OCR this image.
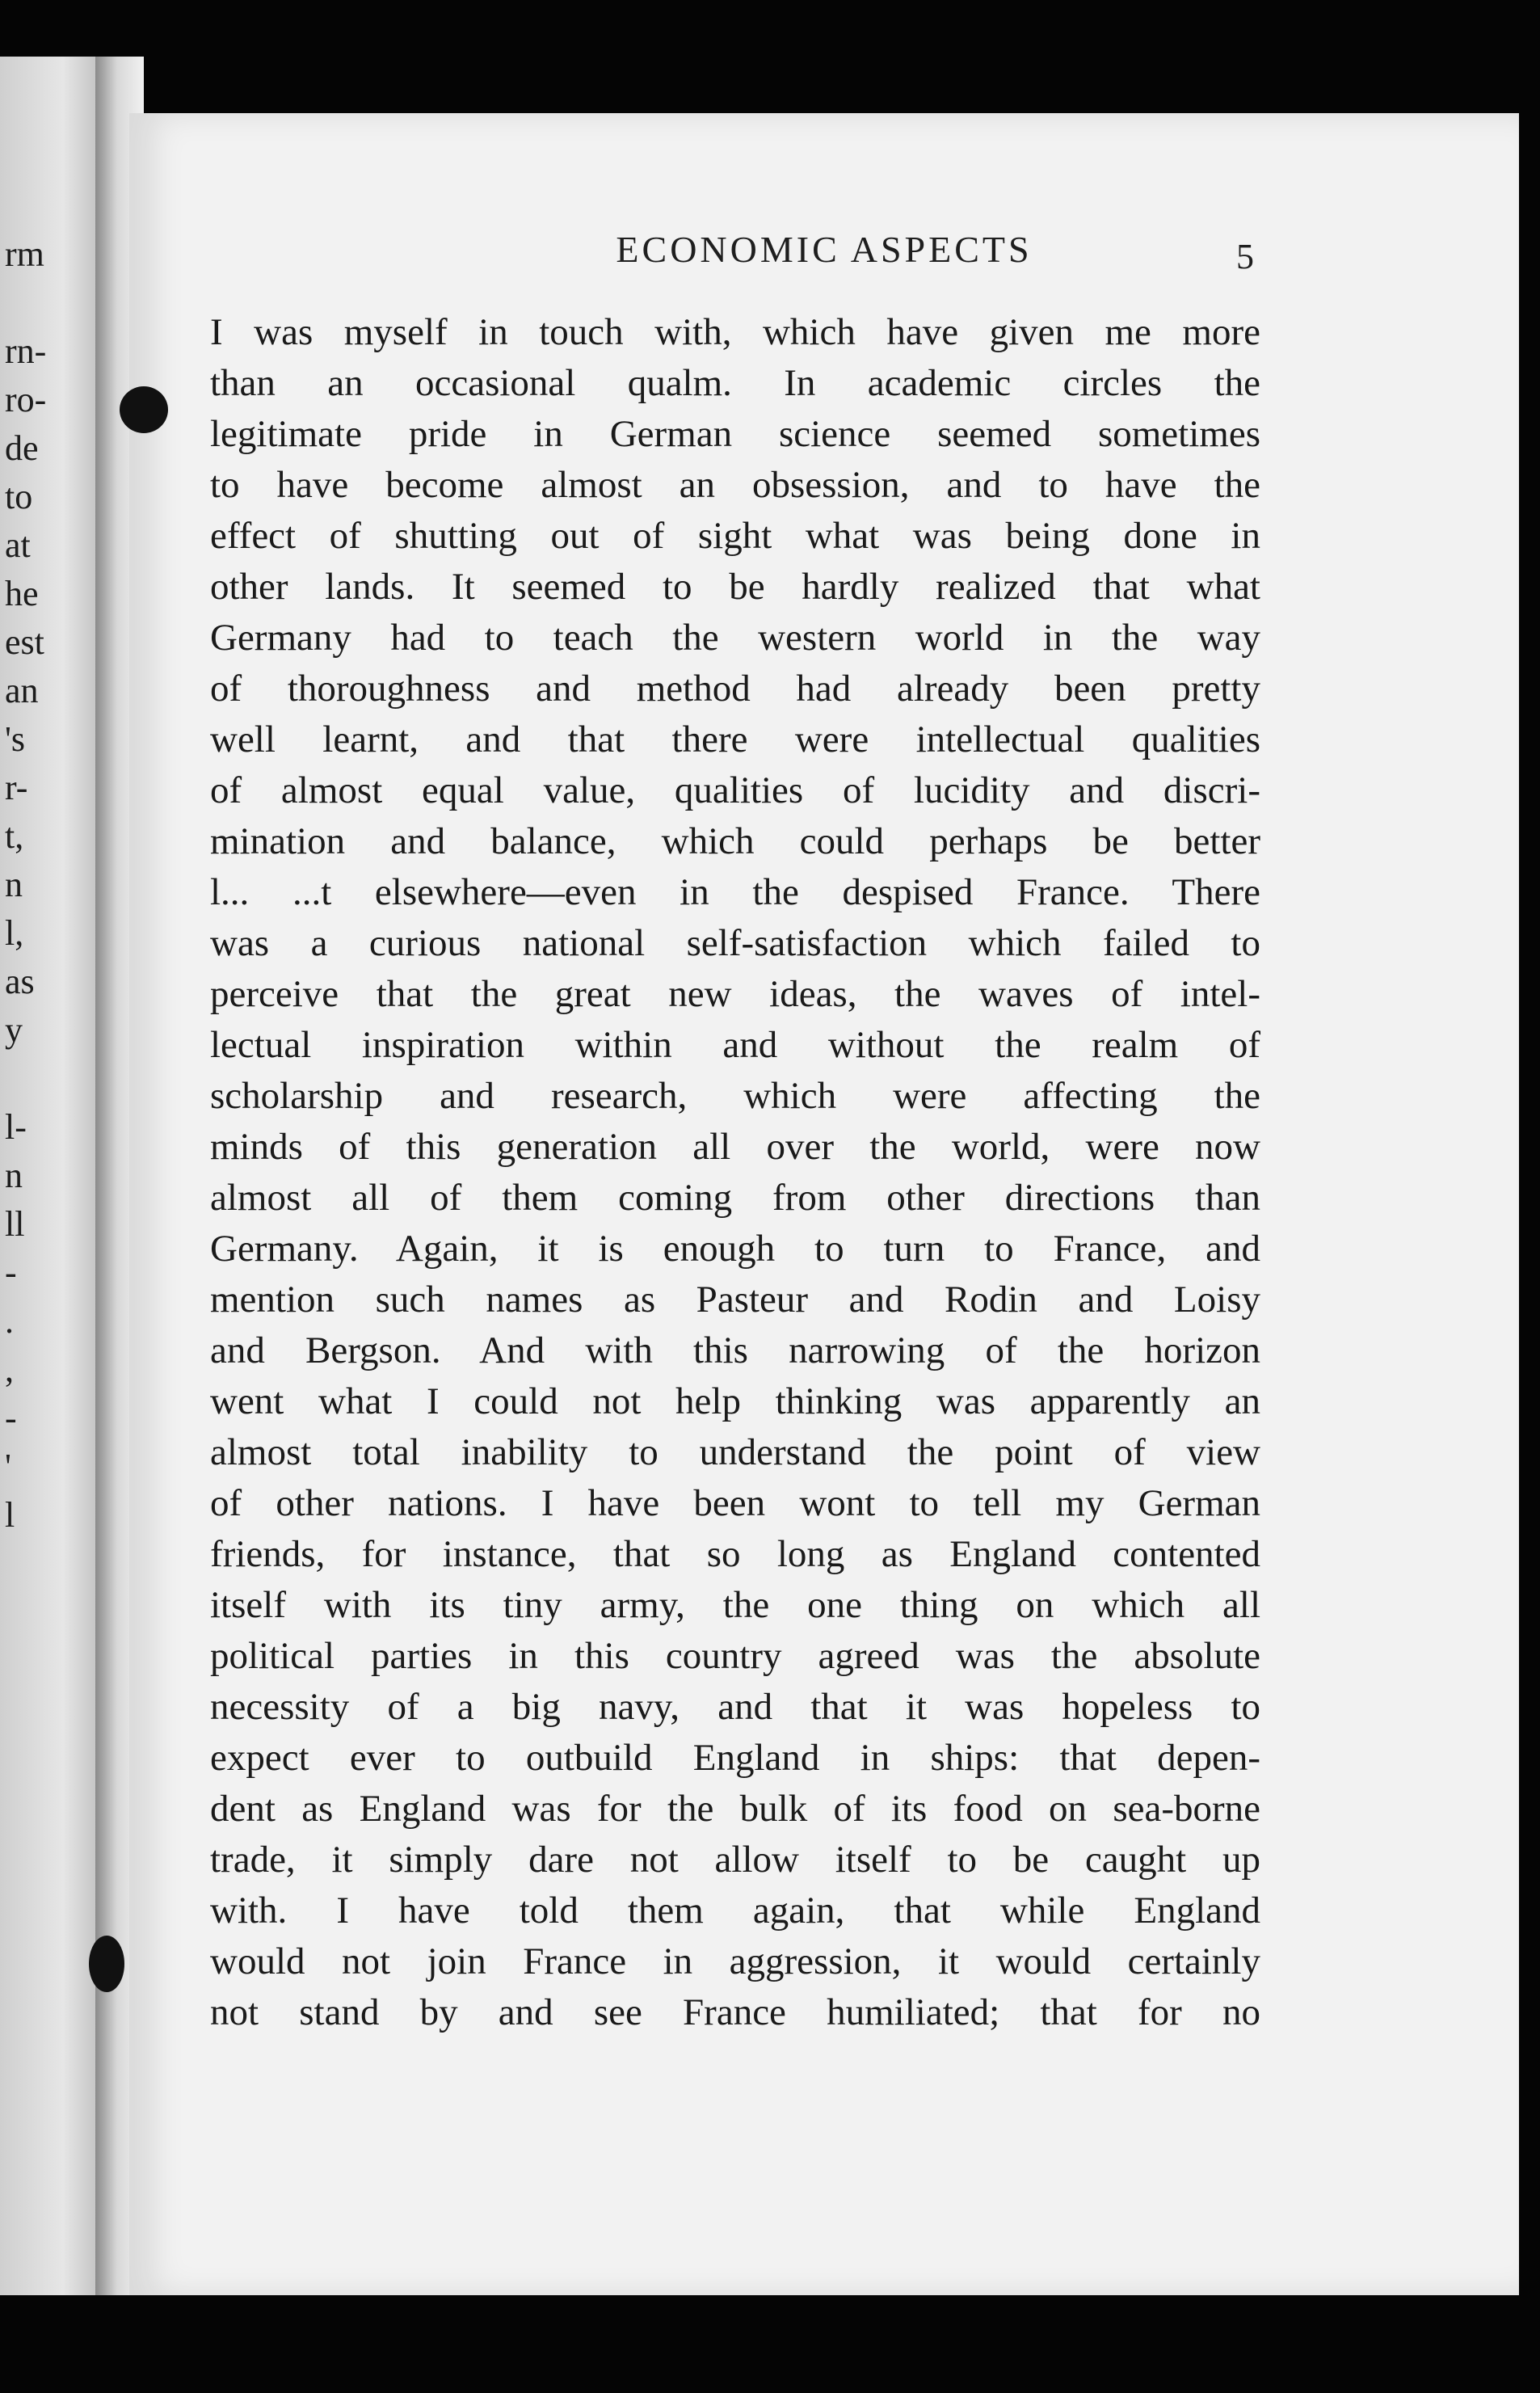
rm
rn-
ro-
de
to
at
he
est
an
's
r-
t,
n
l,
as
y
l-
n
ll
-
.
,
-
'
l
ECONOMIC ASPECTS	5
I was myself in touch with, which have given me more
than an occasional qualm. In academic circles the
legitimate pride in German science seemed sometimes
to have become almost an obsession, and to have the
effect of shutting out of sight what was being done in
other lands. It seemed to be hardly realized that what
Germany had to teach the western world in the way
of thoroughness and method had already been pretty
well learnt, and that there were intellectual qualities
of almost equal value, qualities of lucidity and discri-
mination and balance, which could perhaps be better
l... ...t elsewhere—even in the despised France. There
was a curious national self-satisfaction which failed to
perceive that the great new ideas, the waves of intel-
lectual inspiration within and without the realm of
scholarship and research, which were affecting the
minds of this generation all over the world, were now
almost all of them coming from other directions than
Germany. Again, it is enough to turn to France, and
mention such names as Pasteur and Rodin and Loisy
and Bergson. And with this narrowing of the horizon
went what I could not help thinking was apparently an
almost total inability to understand the point of view
of other nations. I have been wont to tell my German
friends, for instance, that so long as England contented
itself with its tiny army, the one thing on which all
political parties in this country agreed was the absolute
necessity of a big navy, and that it was hopeless to
expect ever to outbuild England in ships: that depen-
dent as England was for the bulk of its food on sea-borne
trade, it simply dare not allow itself to be caught up
with. I have told them again, that while England
would not join France in aggression, it would certainly
not stand by and see France humiliated; that for no
